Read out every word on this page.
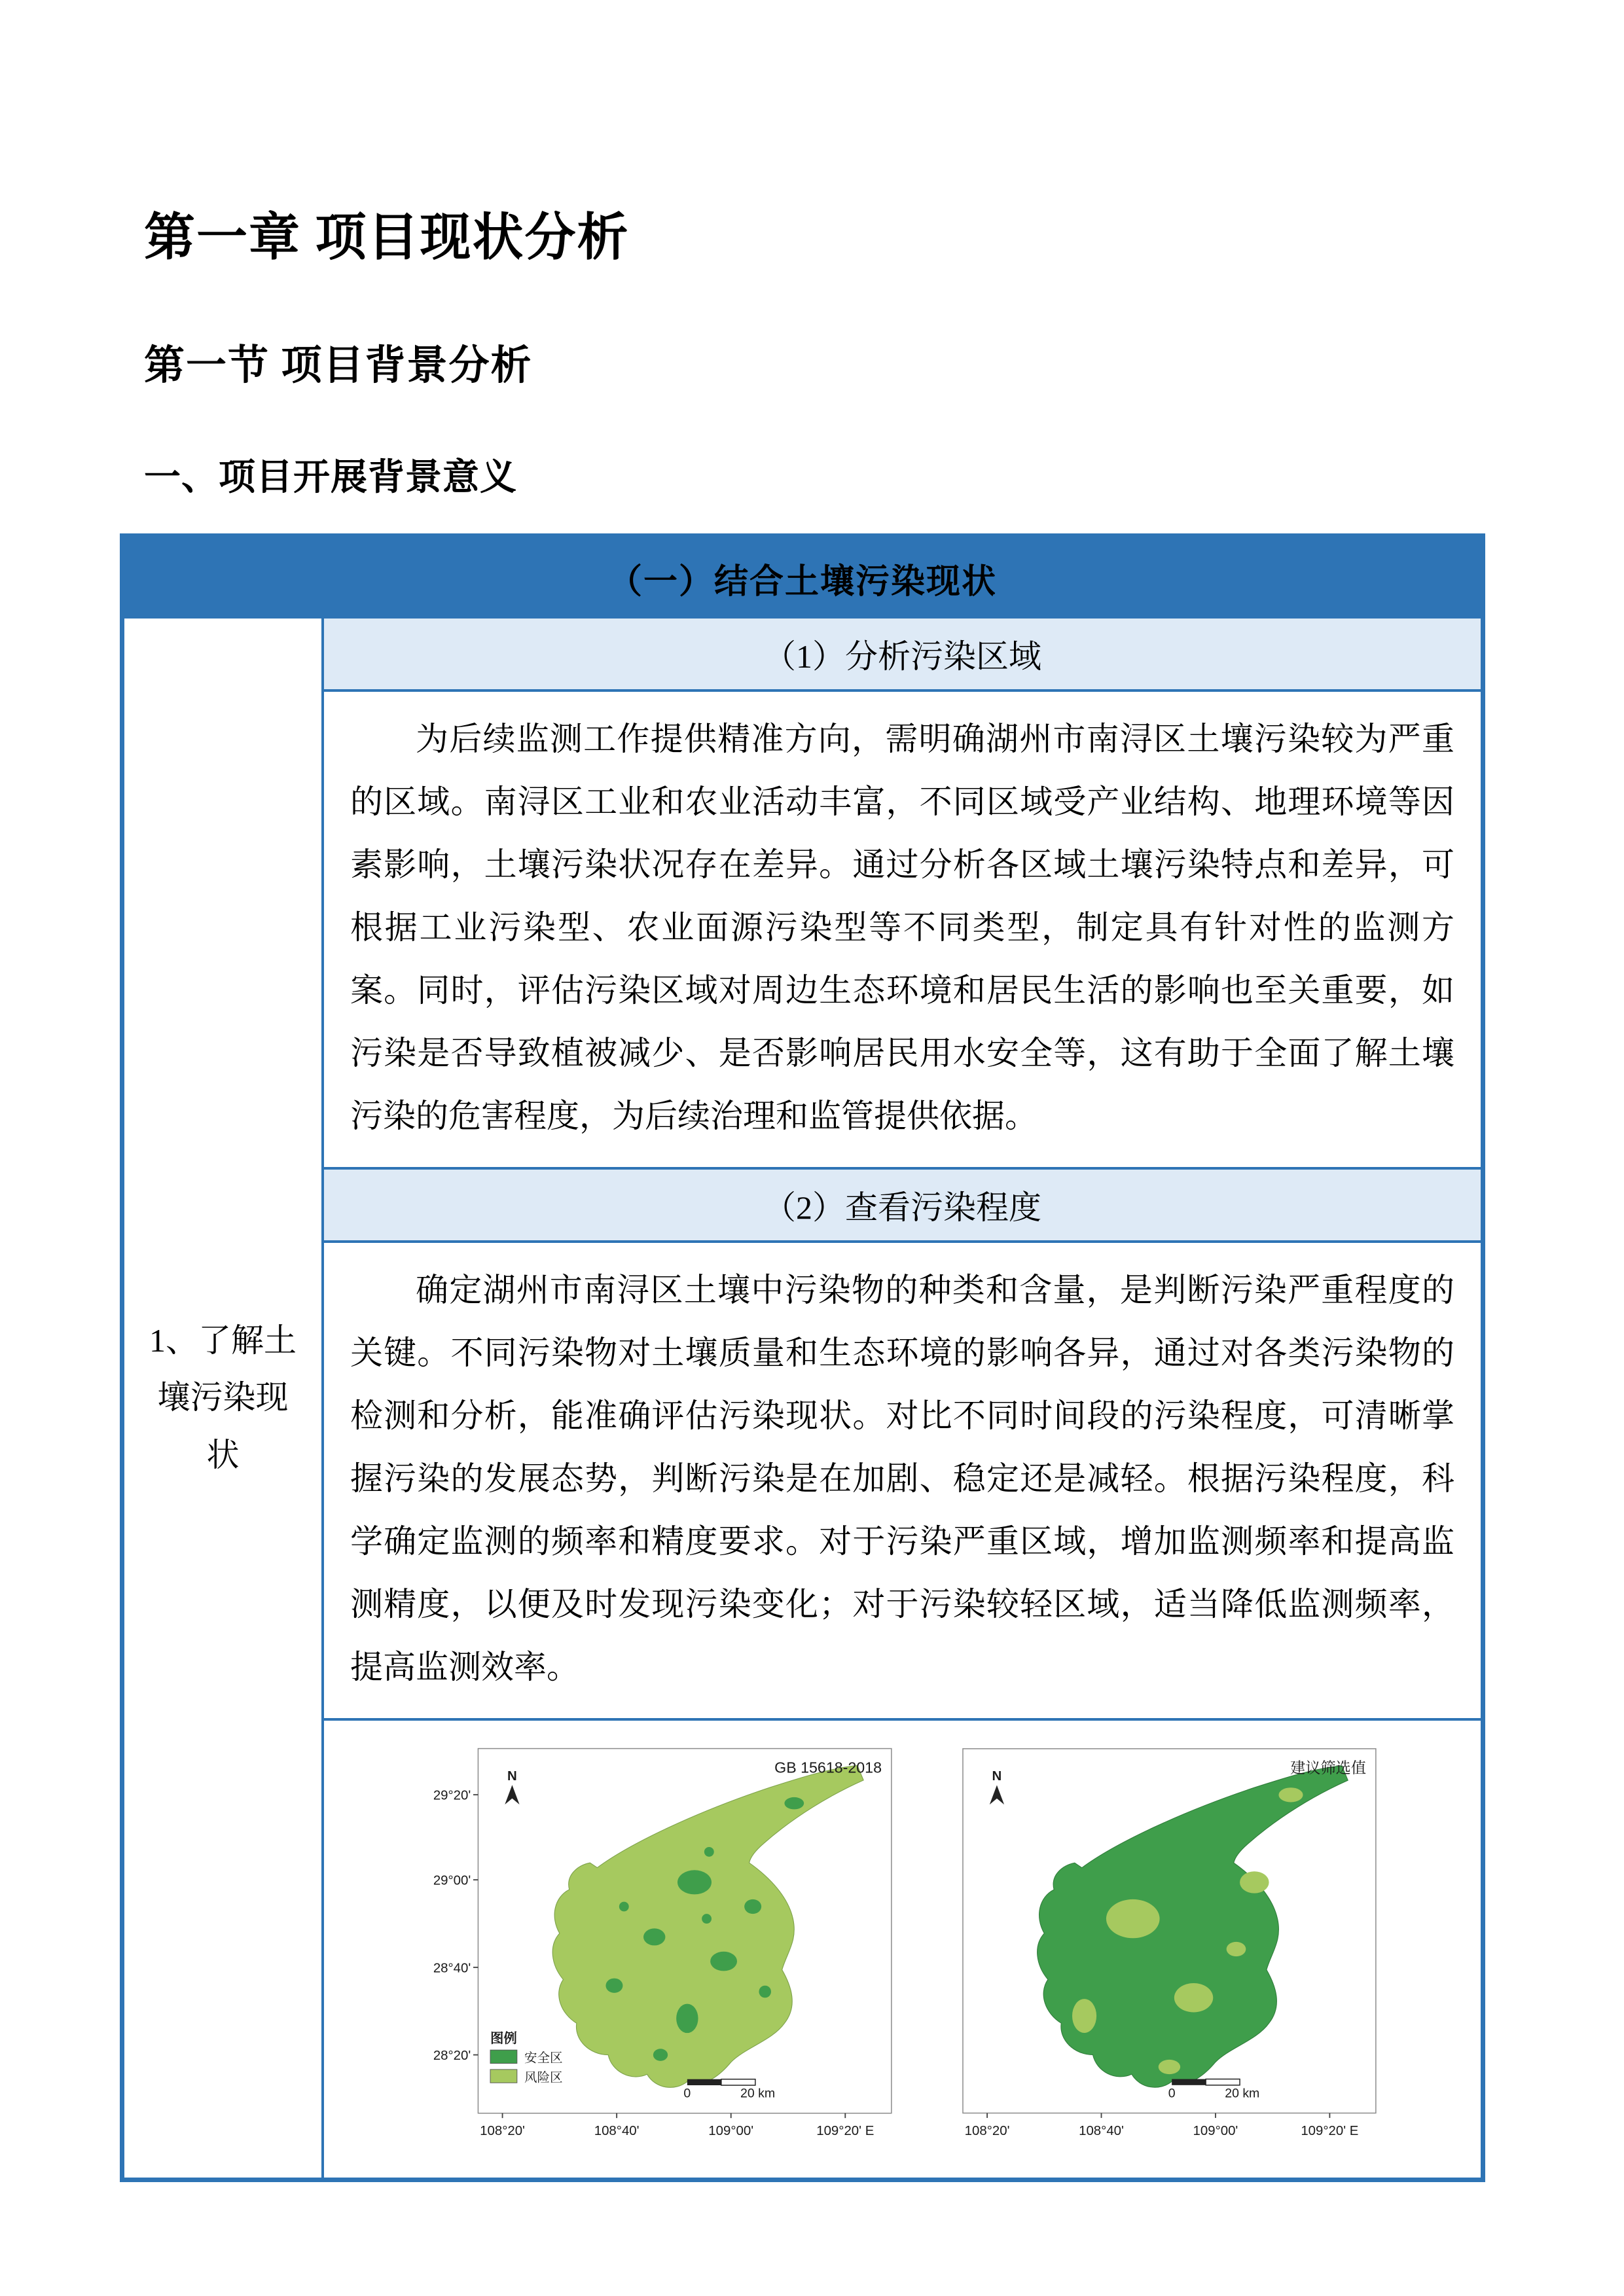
第一章 项目现状分析
第一节 项目背景分析
一、项目开展背景意义
（一）结合土壤污染现状
1、了解土壤污染现状
（1）分析污染区域
为后续监测工作提供精准方向，需明确湖州市南浔区土壤污染较为严重的区域。南浔区工业和农业活动丰富，不同区域受产业结构、地理环境等因素影响，土壤污染状况存在差异。通过分析各区域土壤污染特点和差异，可根据工业污染型、农业面源污染型等不同类型，制定具有针对性的监测方案。同时，评估污染区域对周边生态环境和居民生活的影响也至关重要，如污染是否导致植被减少、是否影响居民用水安全等，这有助于全面了解土壤污染的危害程度，为后续治理和监管提供依据。
（2）查看污染程度
确定湖州市南浔区土壤中污染物的种类和含量，是判断污染严重程度的关键。不同污染物对土壤质量和生态环境的影响各异，通过对各类污染物的检测和分析，能准确评估污染现状。对比不同时间段的污染程度，可清晰掌握污染的发展态势，判断污染是在加剧、稳定还是减轻。根据污染程度，科学确定监测的频率和精度要求。对于污染严重区域，增加监测频率和提高监测精度，以便及时发现污染变化；对于污染较轻区域，适当降低监测频率，提高监测效率。
GB 15618-2018
N
29°20'
29°00'
28°40'
28°20'
108°20'	108°40'	109°00'	109°20' E
图例
安全区
风险区
0	20 km
建议筛选值
N
108°20'	108°40'	109°00'	109°20' E
0	20 km
